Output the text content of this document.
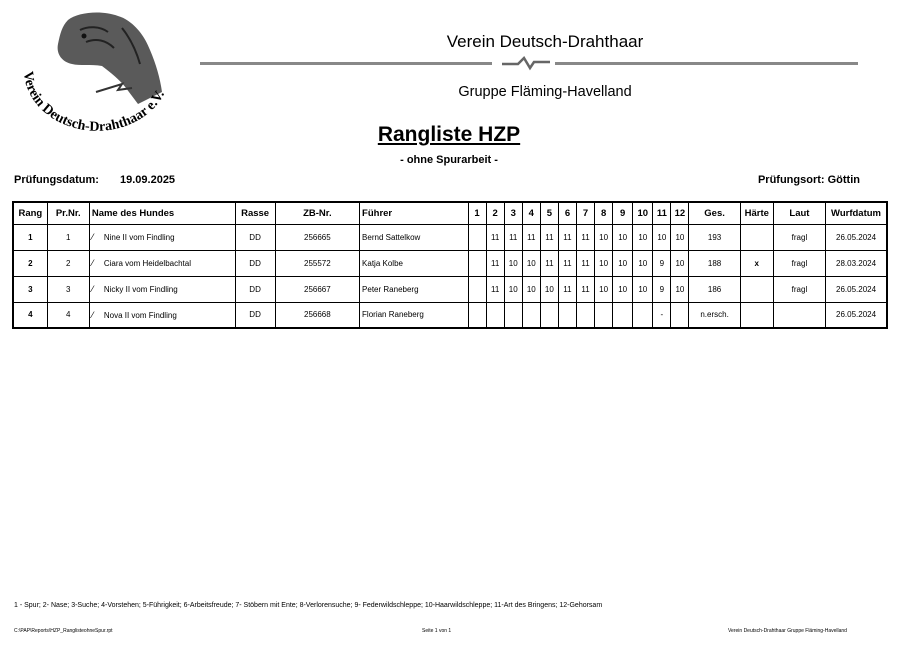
Verein Deutsch-Drahthaar e.V.
Verein Deutsch-Drahthaar
Gruppe Fläming-Havelland
Rangliste HZP
- ohne Spurarbeit -
Prüfungsdatum: 19.09.2025	Prüfungsort: Göttin
Rang	Pr.Nr.	Name des Hundes	Rasse	ZB-Nr.	Führer	1	2	3	4	5	6	7	8	9	10	11	12	Ges.	Härte	Laut	Wurfdatum
1	1	⁄ Nine II vom Findling	DD	256665	Bernd Sattelkow		11	11	11	11	11	11	10	10	10	10	10	193		fragl	26.05.2024
2	2	⁄ Ciara vom Heidelbachtal	DD	255572	Katja Kolbe		11	10	10	11	11	11	10	10	10	9	10	188	x	fragl	28.03.2024
3	3	⁄ Nicky II vom Findling	DD	256667	Peter Raneberg		11	10	10	10	11	11	10	10	10	9	10	186		fragl	26.05.2024
4	4	⁄ Nova II vom Findling	DD	256668	Florian Raneberg											-		n.ersch.			26.05.2024
1 - Spur; 2- Nase; 3-Suche; 4-Vorstehen; 5-Führigkeit; 6-Arbeitsfreude; 7- Stöbern mit Ente; 8-Verlorensuche; 9- Federwildschleppe; 10-Haarwildschleppe; 11-Art des Bringens; 12-Gehorsam
C:\PAP\Reports\HZP_RanglisteohneSpur.rpt	Seite 1 von 1	Verein Deutsch-Drahthaar Gruppe Fläming-Havelland
